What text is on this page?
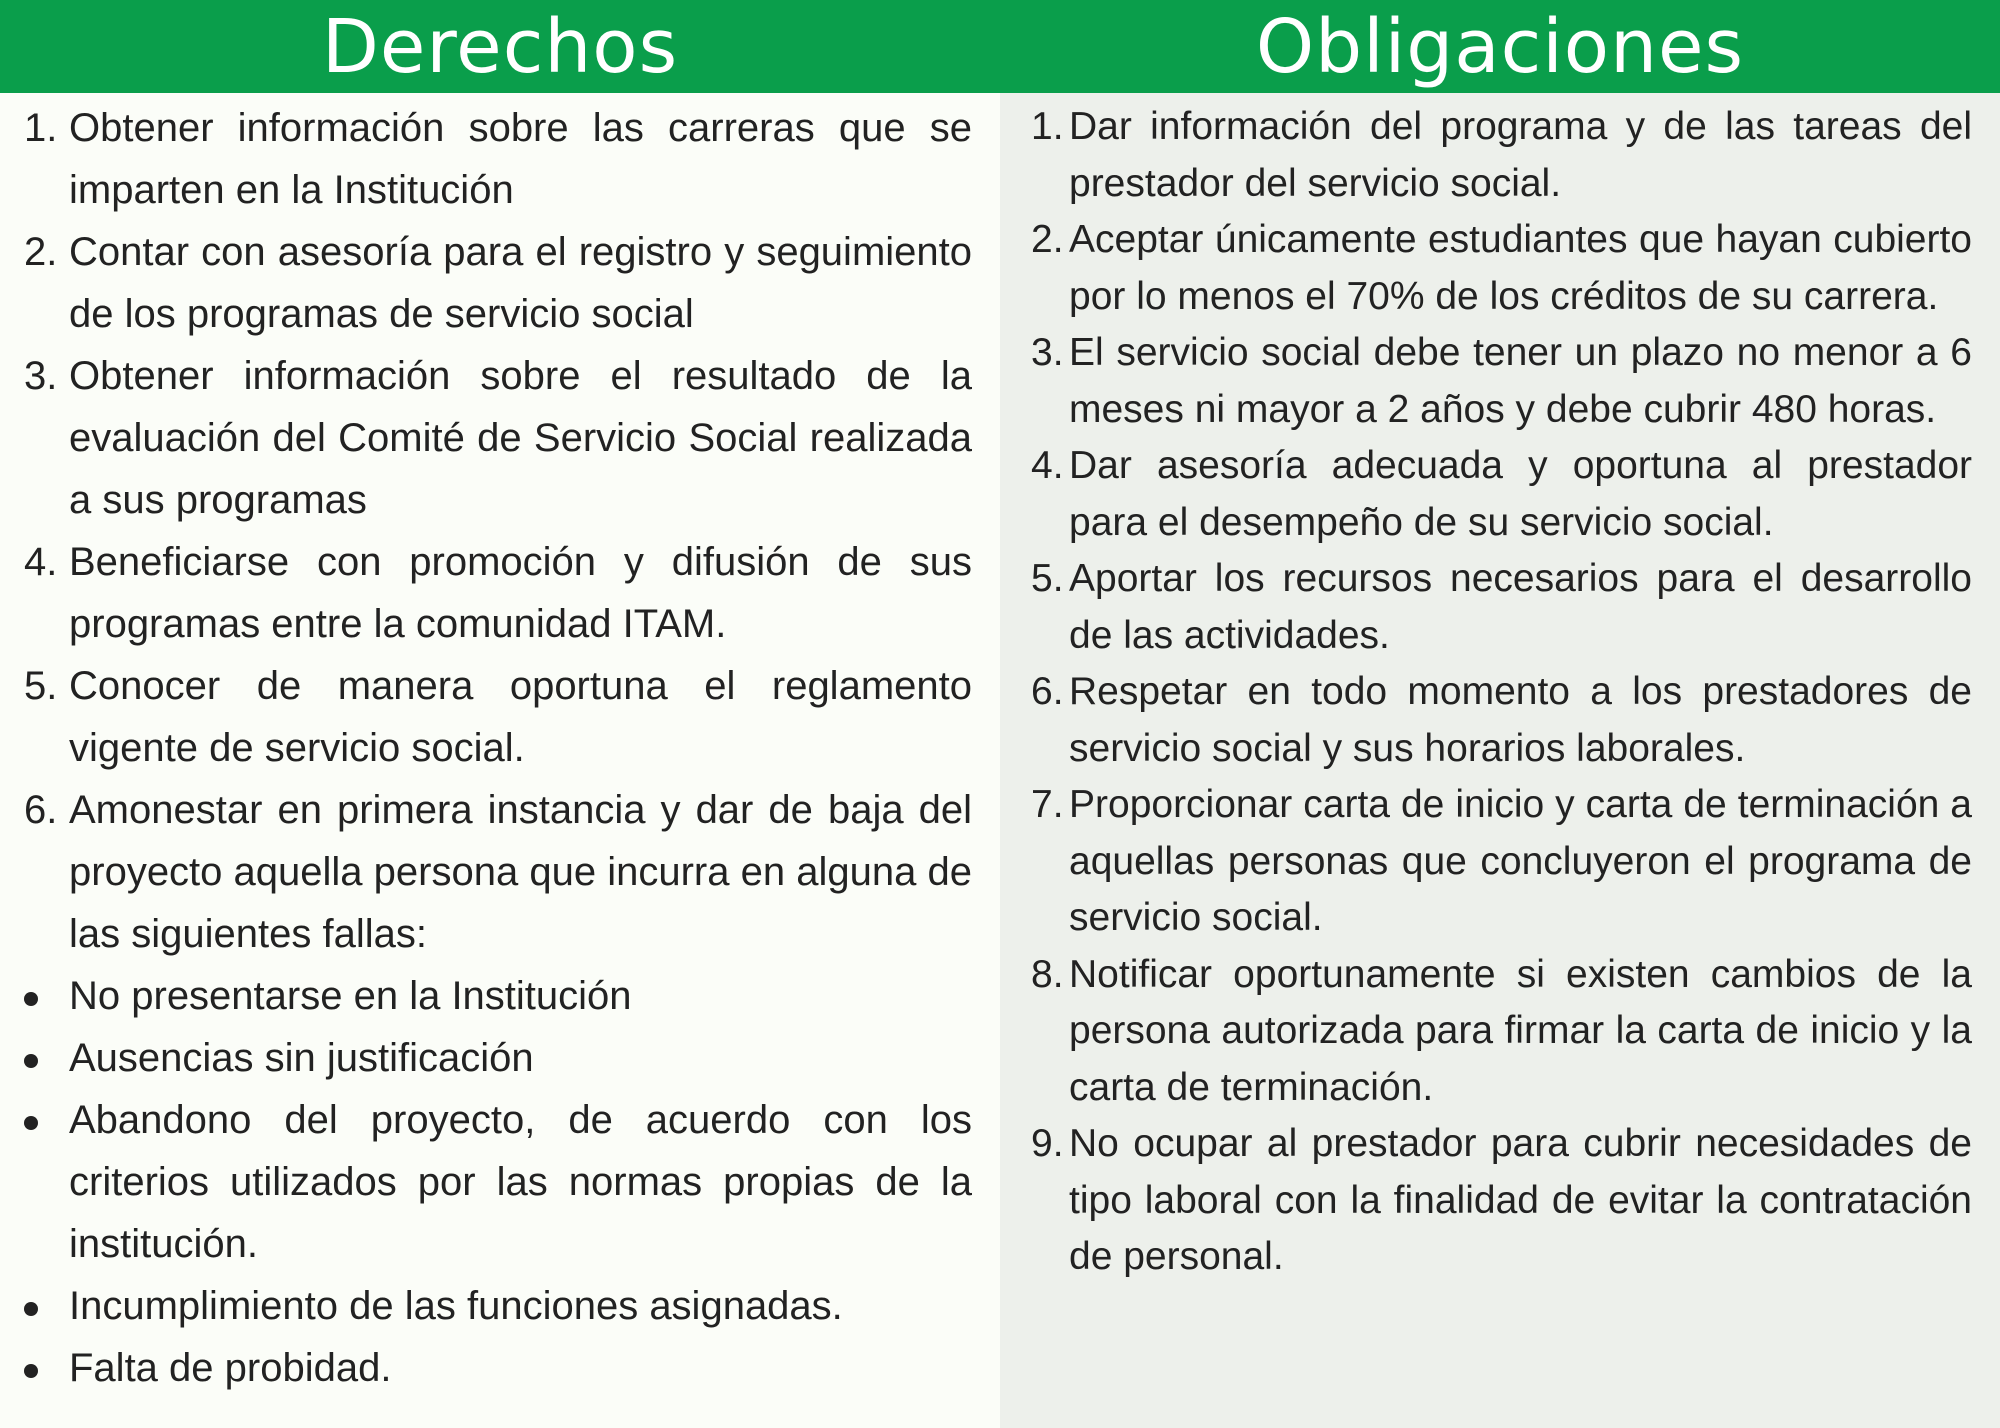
Derechos	Obligaciones
1. Obtener información sobre las carreras que se imparten en la Institución
2. Contar con asesoría para el registro y seguimiento de los programas de servicio social
3. Obtener información sobre el resultado de la evaluación del Comité de Servicio Social realizada a sus programas
4. Beneficiarse con promoción y difusión de sus programas entre la comunidad ITAM.
5. Conocer de manera oportuna el reglamento vigente de servicio social.
6. Amonestar en primera instancia y dar de baja del proyecto aquella persona que incurra en alguna de las siguientes fallas:
No presentarse en la Institución
Ausencias sin justificación
Abandono del proyecto, de acuerdo con los criterios utilizados por las normas propias de la institución.
Incumplimiento de las funciones asignadas.
Falta de probidad.
1. Dar información del programa y de las tareas del prestador del servicio social.
2. Aceptar únicamente estudiantes que hayan cubierto por lo menos el 70% de los créditos de su carrera.
3. El servicio social debe tener un plazo no menor a 6 meses ni mayor a 2 años y debe cubrir 480 horas.
4. Dar asesoría adecuada y oportuna al prestador para el desempeño de su servicio social.
5. Aportar los recursos necesarios para el desarrollo de las actividades.
6. Respetar en todo momento a los prestadores de servicio social y sus horarios laborales.
7. Proporcionar carta de inicio y carta de terminación a aquellas personas que concluyeron el programa de servicio social.
8. Notificar oportunamente si existen cambios de la persona autorizada para firmar la carta de inicio y la carta de terminación.
9. No ocupar al prestador para cubrir necesidades de tipo laboral con la finalidad de evitar la contratación de personal.
